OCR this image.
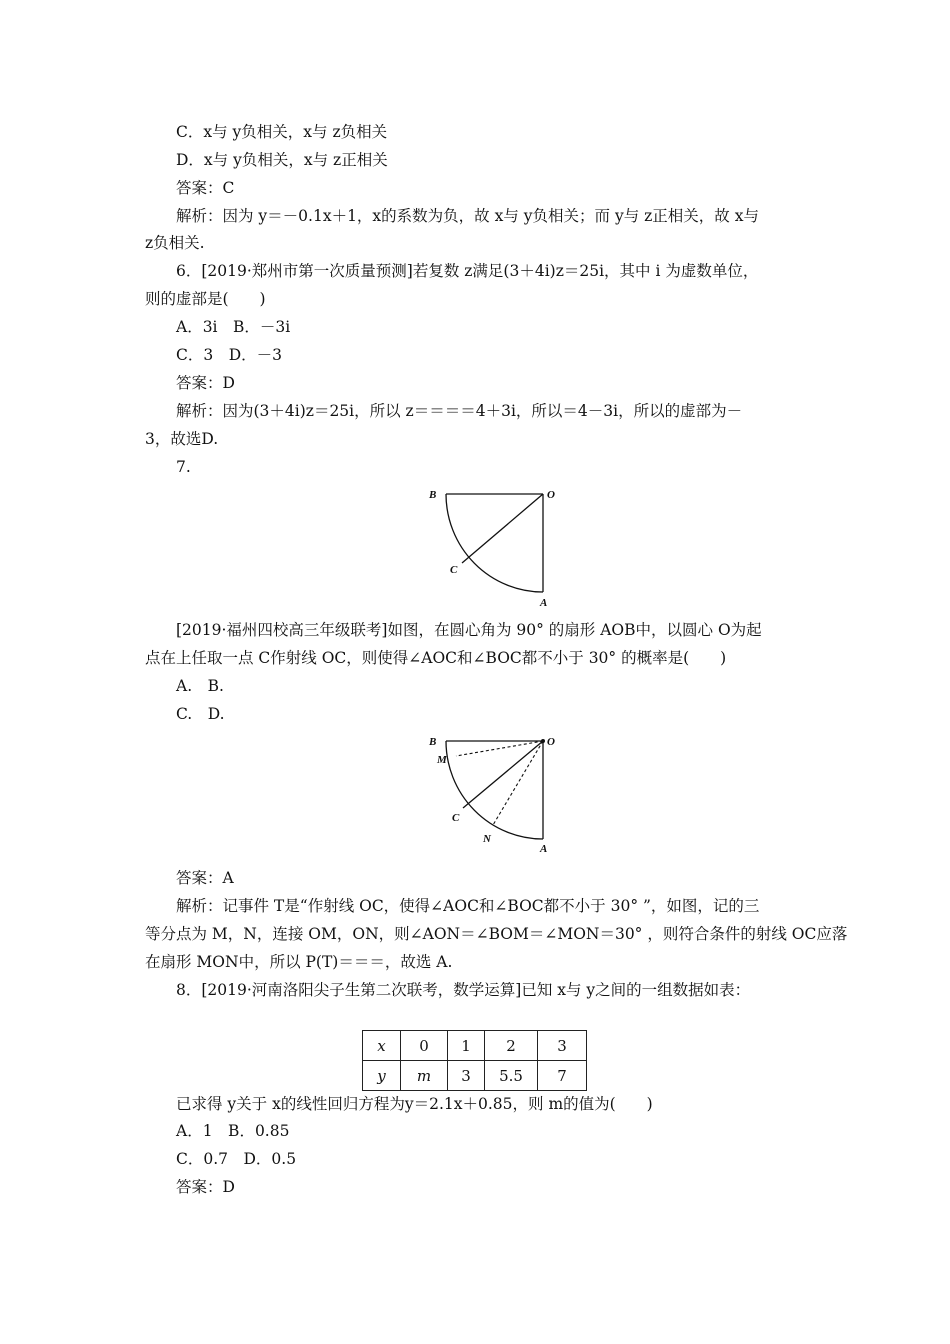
C．x与 y负相关，x与 z负相关
D．x与 y负相关，x与 z正相关
答案：C
解析：因为 y＝－0.1x＋1，x的系数为负，故 x与 y负相关；而 y与 z正相关，故 x与
z负相关.
6．[2019·郑州市第一次质量预测]若复数 z满足(3＋4i)z＝25i，其中 i 为虚数单位，
则的虚部是(　　)
A．3i　B．－3i
C．3　D．－3
答案：D
解析：因为(3＋4i)z＝25i，所以 z＝＝＝＝4＋3i，所以＝4－3i，所以的虚部为－
3，故选D.
7.
B	O
C
A
[2019·福州四校高三年级联考]如图，在圆心角为 90° 的扇形 AOB中，以圆心 O为起
点在上任取一点 C作射线 OC，则使得∠AOC和∠BOC都不小于 30° 的概率是(　　)
A.　B.
C.　D.
B	O
M
C
N
A
答案：A
解析：记事件 T是“作射线 OC，使得∠AOC和∠BOC都不小于 30° ”，如图，记的三
等分点为 M，N，连接 OM，ON，则∠AON＝∠BOM＝∠MON＝30° ，则符合条件的射线 OC应落
在扇形 MON中，所以 P(T)＝＝＝，故选 A.
8．[2019·河南洛阳尖子生第二次联考，数学运算]已知 x与 y之间的一组数据如表：
x	0	1	2	3
y	m	3	5.5	7
已求得 y关于 x的线性回归方程为y＝2.1x＋0.85，则 m的值为(　　)
A．1　B．0.85
C．0.7　D．0.5
答案：D
